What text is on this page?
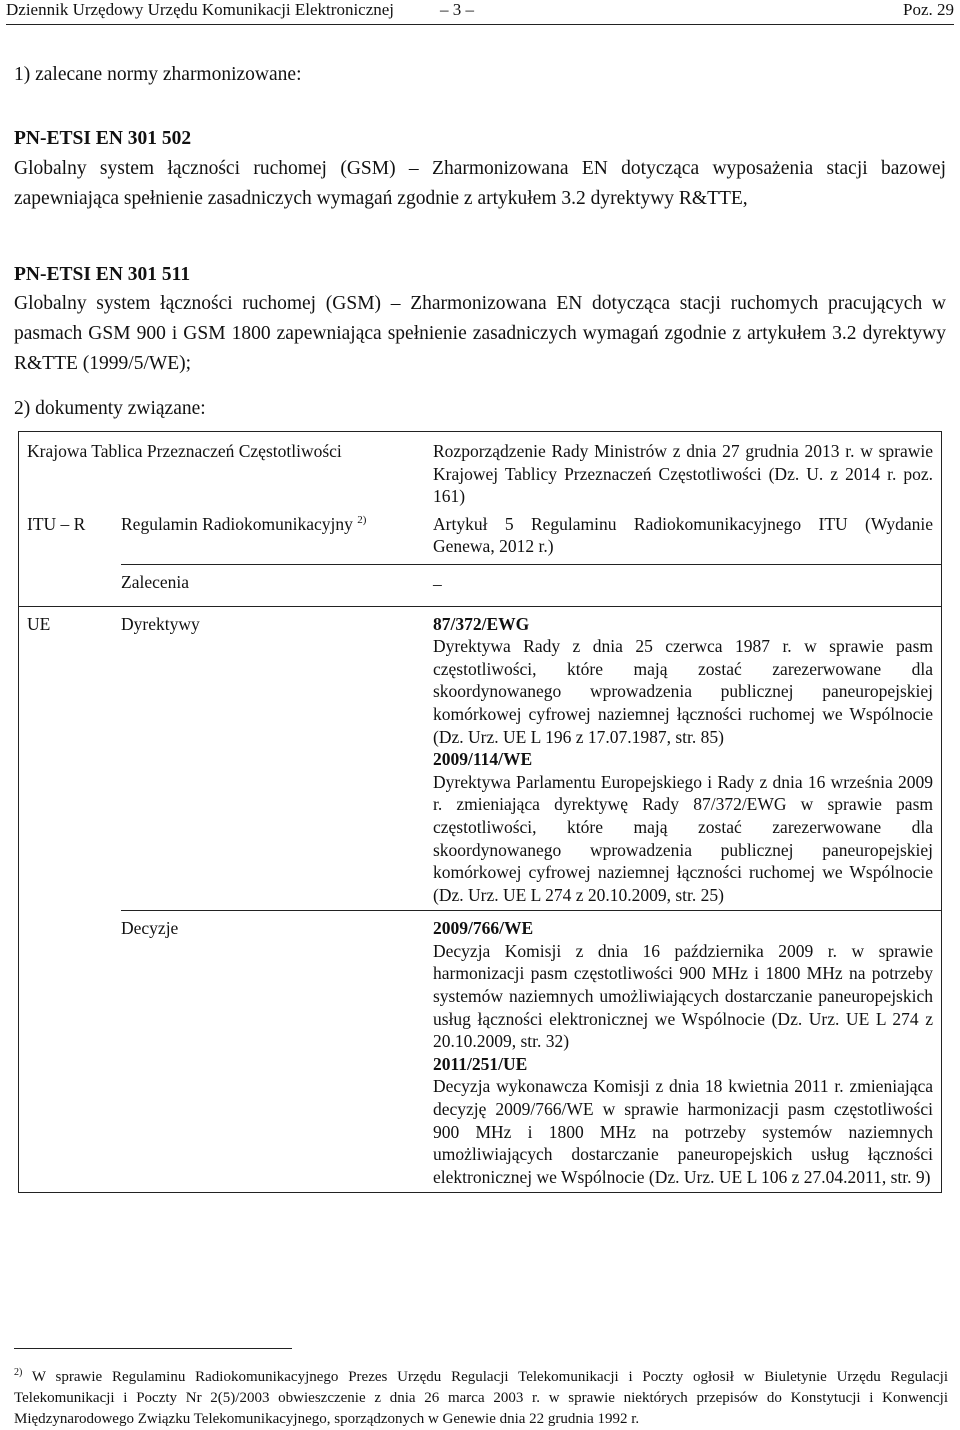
Dziennik Urzędowy Urzędu Komunikacji Elektronicznej	– 3 –	Poz. 29
1) zalecane normy zharmonizowane:
PN-ETSI EN 301 502
Globalny system łączności ruchomej (GSM) – Zharmonizowana EN dotycząca wyposażenia stacji bazowej zapewniająca spełnienie zasadniczych wymagań zgodnie z artykułem 3.2 dyrektywy R&TTE,
PN-ETSI EN 301 511
Globalny system łączności ruchomej (GSM) – Zharmonizowana EN dotycząca stacji ruchomych pracujących w pasmach GSM 900 i GSM 1800 zapewniająca spełnienie zasadniczych wymagań zgodnie z artykułem 3.2 dyrektywy R&TTE (1999/5/WE);
2) dokumenty związane:
Krajowa Tablica Przeznaczeń Częstotliwości		Rozporządzenie Rady Ministrów z dnia 27 grudnia 2013 r. w sprawie Krajowej Tablicy Przeznaczeń Częstotliwości (Dz. U. z 2014 r. poz. 161)
ITU – R	Regulamin Radiokomunikacyjny $^{2)}$	Artykuł 5 Regulaminu Radiokomunikacyjnego ITU (Wydanie Genewa, 2012 r.)
	Zalecenia	–
UE	Dyrektywy	87/372/EWG
Dyrektywa Rady z dnia 25 czerwca 1987 r. w sprawie pasm częstotliwości, które mają zostać zarezerwowane dla skoordynowanego wprowadzenia publicznej paneuropejskiej komórkowej cyfrowej naziemnej łączności ruchomej we Wspólnocie (Dz. Urz. UE L 196 z 17.07.1987, str. 85)
2009/114/WE
Dyrektywa Parlamentu Europejskiego i Rady z dnia 16 września 2009 r. zmieniająca dyrektywę Rady 87/372/EWG w sprawie pasm częstotliwości, które mają zostać zarezerwowane dla skoordynowanego wprowadzenia publicznej paneuropejskiej komórkowej cyfrowej naziemnej łączności ruchomej we Wspólnocie (Dz. Urz. UE L 274 z 20.10.2009, str. 25)

	Decyzje	2009/766/WE
Decyzja Komisji z dnia 16 października 2009 r. w sprawie harmonizacji pasm częstotliwości 900 MHz i 1800 MHz na potrzeby systemów naziemnych umożliwiających dostarczanie paneuropejskich usług łączności elektronicznej we Wspólnocie (Dz. Urz. UE L 274 z 20.10.2009, str. 32)
2011/251/UE
Decyzja wykonawcza Komisji z dnia 18 kwietnia 2011 r. zmieniająca decyzję 2009/766/WE w sprawie harmonizacji pasm częstotliwości 900 MHz i 1800 MHz na potrzeby systemów naziemnych umożliwiających dostarczanie paneuropejskich usług łączności elektronicznej we Wspólnocie (Dz. Urz. UE L 106 z 27.04.2011, str. 9)
$^{2)}$ W sprawie Regulaminu Radiokomunikacyjnego Prezes Urzędu Regulacji Telekomunikacji i Poczty ogłosił w Biuletynie Urzędu Regulacji Telekomunikacji i Poczty Nr 2(5)/2003 obwieszczenie z dnia 26 marca 2003 r. w sprawie niektórych przepisów do Konstytucji i Konwencji Międzynarodowego Związku Telekomunikacyjnego, sporządzonych w Genewie dnia 22 grudnia 1992 r.
